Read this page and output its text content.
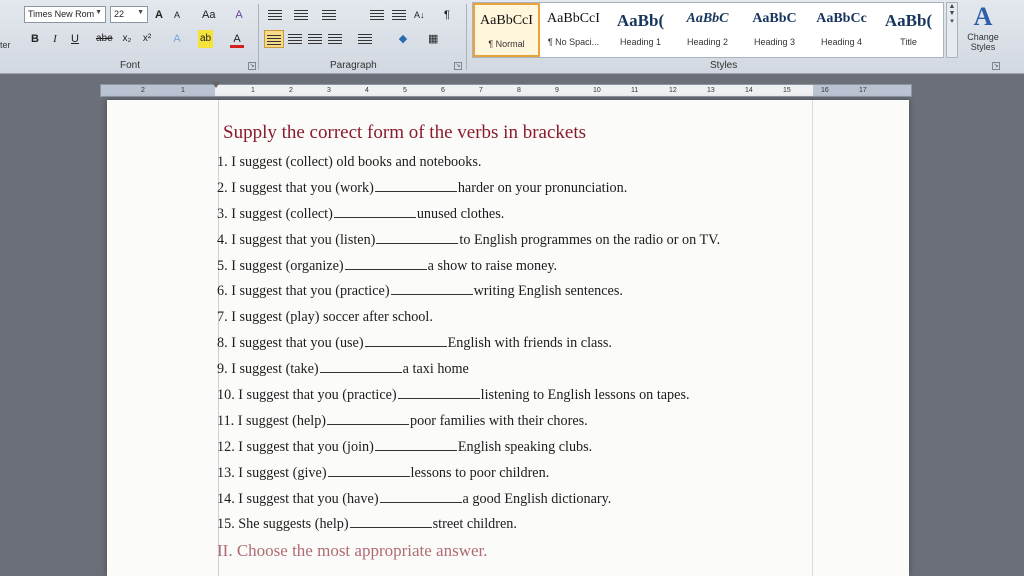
ter
Times New Rom ▼	22 ▼ A	A	Aa	A
B	I	U	abe x₂ x²	A	ab	A
Font	↘
A↓	¶
◆ ▦
Paragraph	↘
AaBbCcI
¶ Normal
AaBbCcI
¶ No Spaci...
AaBb(
Heading 1
AaBbC
Heading 2
AaBbC
Heading 3
AaBbCc
Heading 4
AaBb(
Title
▲
▼
▾ A
Change Styles
Styles	↘
2	1	1	2	3	4	5	6	7	8	9	10	11	12	13	14	15	16	17
Supply the correct form of the verbs in brackets
1. I suggest (collect) old books and notebooks.
2. I suggest that you (work)	harder on your pronunciation.
3. I suggest (collect)	unused clothes.
4. I suggest that you (listen)	to English programmes on the radio or on TV.
5. I suggest (organize)	a show to raise money.
6. I suggest that you (practice)	writing English sentences.
7. I suggest (play) soccer after school.
8. I suggest that you (use)	English with friends in class.
9. I suggest (take)	a taxi home
10. I suggest that you (practice)	listening to English lessons on tapes.
11. I suggest (help)	poor families with their chores.
12. I suggest that you (join)	English speaking clubs.
13. I suggest (give)	lessons to poor children.
14. I suggest that you (have)	a good English dictionary.
15. She suggests (help)	street children.
II. Choose the most appropriate answer.
